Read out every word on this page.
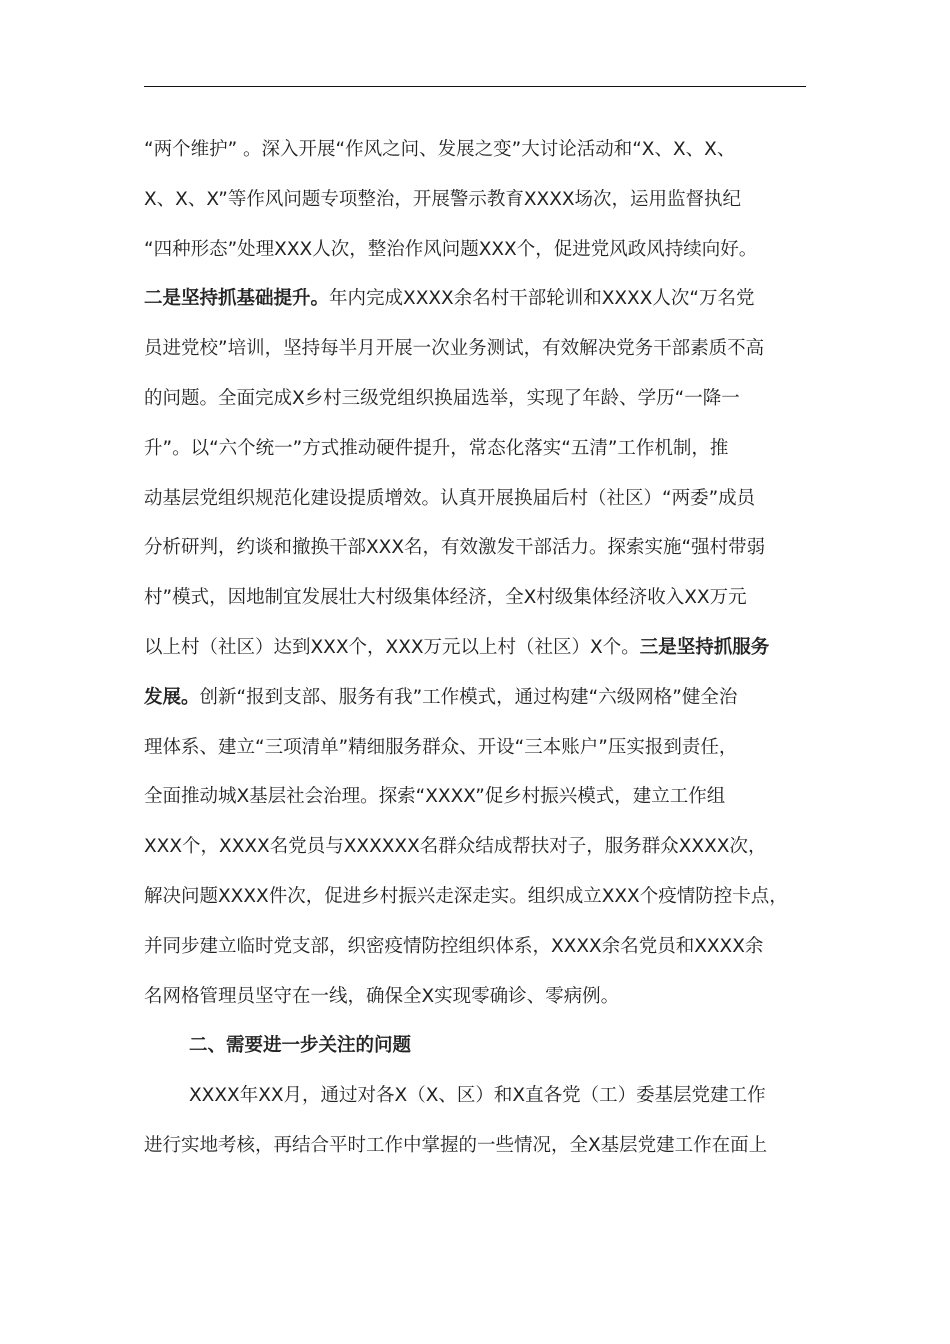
“两个维护” 。深入开展“作风之问、发展之变”大讨论活动和“X、X、X、
X、X、X”等作风问题专项整治，开展警示教育XXXX场次，运用监督执纪
“四种形态”处理XXX人次，整治作风问题XXX个，促进党风政风持续向好。
二是坚持抓基础提升。年内完成XXXX余名村干部轮训和XXXX人次“万名党
员进党校”培训，坚持每半月开展一次业务测试，有效解决党务干部素质不高
的问题。全面完成X乡村三级党组织换届选举，实现了年龄、学历“一降一
升”。以“六个统一”方式推动硬件提升，常态化落实“五清”工作机制，推
动基层党组织规范化建设提质增效。认真开展换届后村（社区）“两委”成员
分析研判，约谈和撤换干部XXX名，有效激发干部活力。探索实施“强村带弱
村”模式，因地制宜发展壮大村级集体经济，全X村级集体经济收入XX万元
以上村（社区）达到XXX个，XXX万元以上村（社区）X个。三是坚持抓服务
发展。创新“报到支部、服务有我”工作模式，通过构建“六级网格”健全治
理体系、建立“三项清单”精细服务群众、开设“三本账户”压实报到责任，
全面推动城X基层社会治理。探索“XXXX”促乡村振兴模式，建立工作组
XXX个，XXXX名党员与XXXXXX名群众结成帮扶对子，服务群众XXXX次，
解决问题XXXX件次，促进乡村振兴走深走实。组织成立XXX个疫情防控卡点，
并同步建立临时党支部，织密疫情防控组织体系，XXXX余名党员和XXXX余
名网格管理员坚守在一线，确保全X实现零确诊、零病例。
二、需要进一步关注的问题
XXXX年XX月，通过对各X（X、区）和X直各党（工）委基层党建工作
进行实地考核，再结合平时工作中掌握的一些情况，全X基层党建工作在面上
